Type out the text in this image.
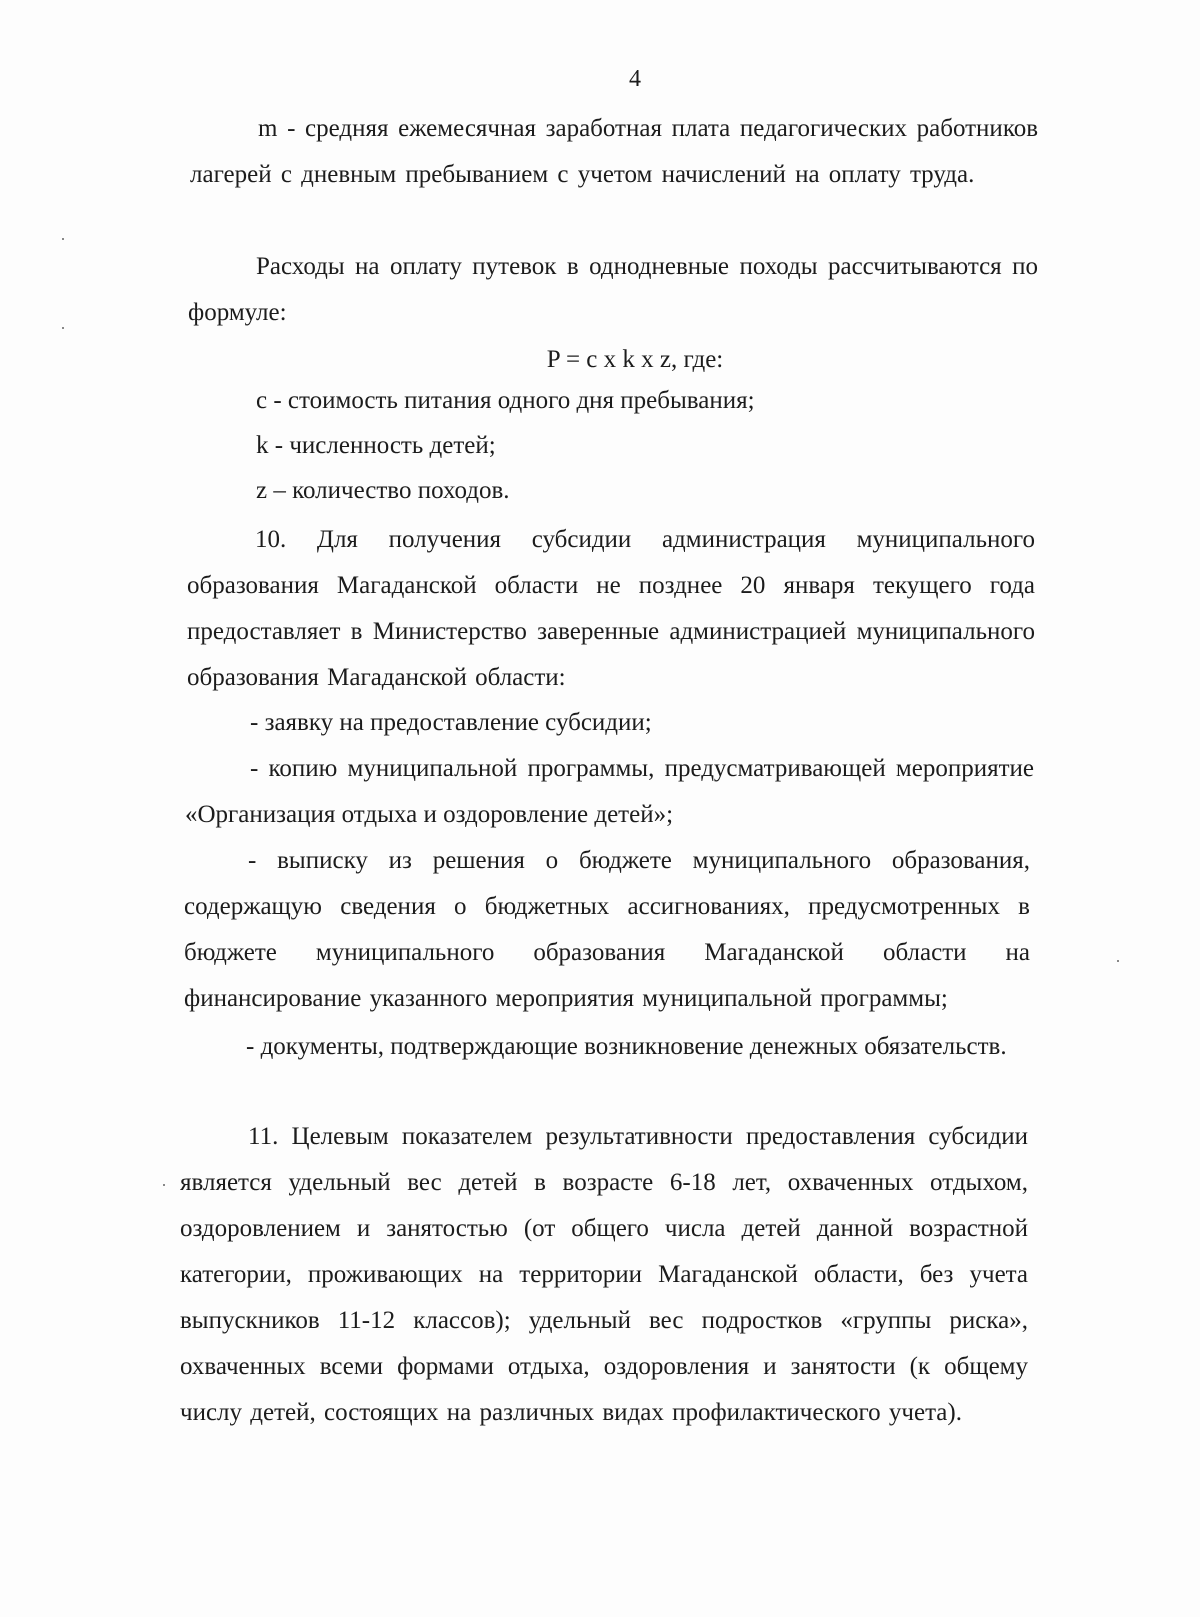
4

m - средняя ежемесячная заработная плата педагогических работников лагерей с дневным пребыванием с учетом начислений на оплату труда.

Расходы на оплату путевок в однодневные походы рассчитываются по формуле:

P = c x k x z, где:

c - стоимость питания одного дня пребывания;

k - численность детей;

z – количество походов.

10. Для получения субсидии администрация муниципального образования Магаданской области не позднее 20 января текущего года предоставляет в Министерство заверенные администрацией муниципального образования Магаданской области:

- заявку на предоставление субсидии;

- копию муниципальной программы, предусматривающей мероприятие «Организация отдыха и оздоровление детей»;

- выписку из решения о бюджете муниципального образования, содержащую сведения о бюджетных ассигнованиях, предусмотренных в бюджете муниципального образования Магаданской области на финансирование указанного мероприятия муниципальной программы;

- документы, подтверждающие возникновение денежных обязательств.

11. Целевым показателем результативности предоставления субсидии является удельный вес детей в возрасте 6-18 лет, охваченных отдыхом, оздоровлением и занятостью (от общего числа детей данной возрастной категории, проживающих на территории Магаданской области, без учета выпускников 11-12 классов); удельный вес подростков «группы риска», охваченных всеми формами отдыха, оздоровления и занятости (к общему числу детей, состоящих на различных видах профилактического учета).
